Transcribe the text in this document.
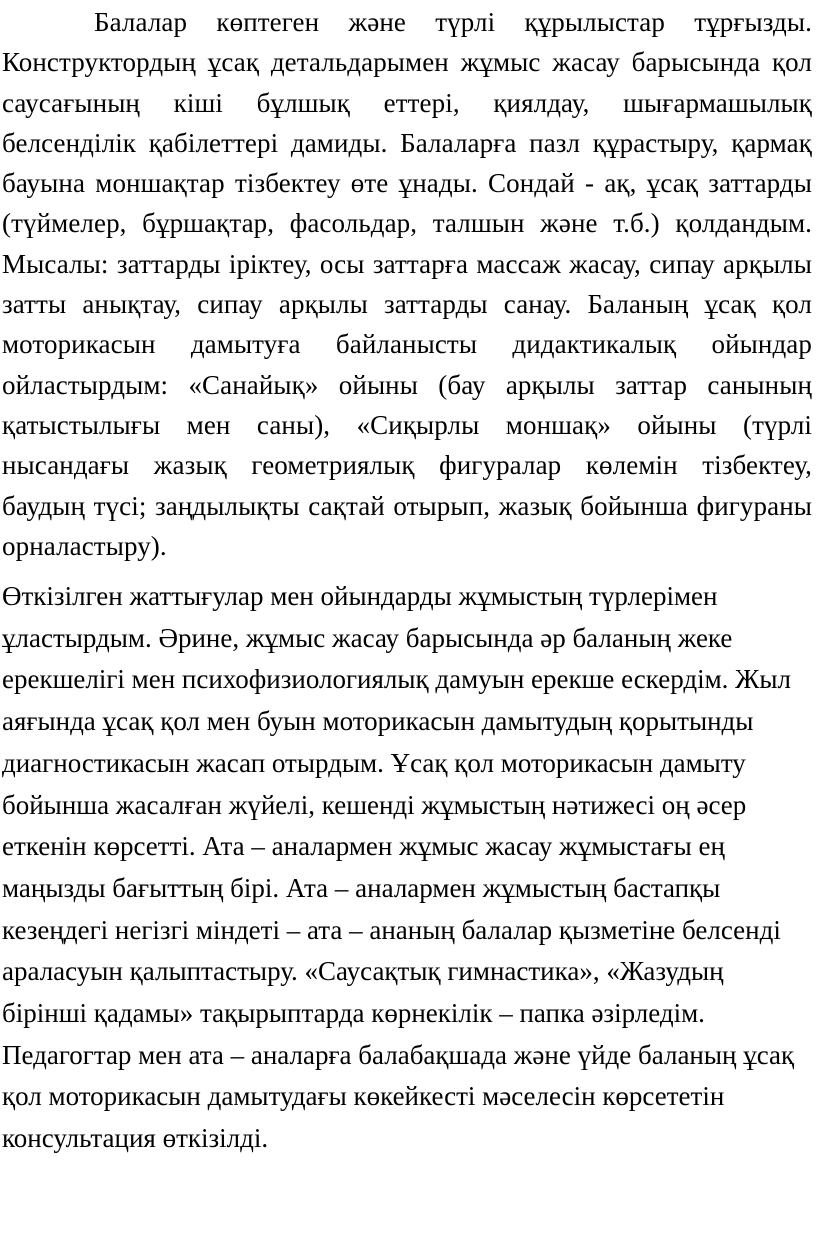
Балалар көптеген және түрлі құрылыстар тұрғызды. Конструктордың ұсақ детальдарымен жұмыс жасау барысында қол саусағының кіші бұлшық еттері, қиялдау, шығармашылық белсенділік қабілеттері дамиды. Балаларға пазл құрастыру, қармақ бауына моншақтар тізбектеу өте ұнады. Сондай - ақ, ұсақ заттарды (түймелер, бұршақтар, фасольдар, талшын және т.б.) қолдандым. Мысалы: заттарды іріктеу, осы заттарға массаж жасау, сипау арқылы затты анықтау, сипау арқылы заттарды санау. Баланың ұсақ қол моторикасын дамытуға байланысты дидактикалық ойындар ойластырдым: «Санайық» ойыны (бау арқылы заттар санының қатыстылығы мен саны), «Сиқырлы моншақ» ойыны (түрлі нысандағы жазық геометриялық фигуралар көлемін тізбектеу, баудың түсі; заңдылықты сақтай отырып, жазық бойынша фигураны орналастыру).

Өткізілген жаттығулар мен ойындарды жұмыстың түрлерімен ұластырдым. Әрине, жұмыс жасау барысында әр баланың жеке ерекшелігі мен психофизиологиялық дамуын ерекше ескердім. Жыл аяғында ұсақ қол мен буын моторикасын дамытудың қорытынды диагностикасын жасап отырдым. Ұсақ қол моторикасын дамыту бойынша жасалған жүйелі, кешенді жұмыстың нәтижесі оң әсер еткенін көрсетті. Ата – аналармен жұмыс жасау жұмыстағы ең маңызды бағыттың бірі. Ата – аналармен жұмыстың бастапқы кезеңдегі негізгі міндеті – ата – ананың балалар қызметіне белсенді араласуын қалыптастыру. «Саусақтық гимнастика», «Жазудың бірінші қадамы» тақырыптарда көрнекілік – папка әзірледім. Педагогтар мен ата – аналарға балабақшада және үйде баланың ұсақ қол моторикасын дамытудағы көкейкесті мәселесін көрсететін консультация өткізілді.
